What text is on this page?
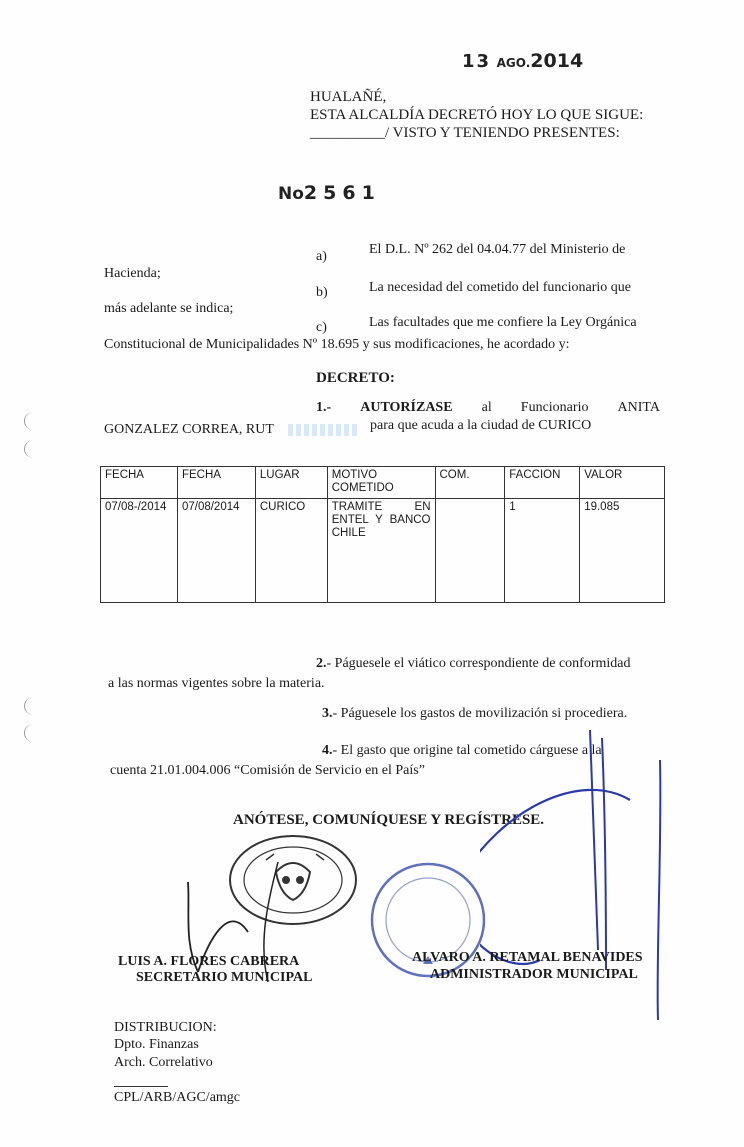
13 AGO.2014
HUALAÑÉ,
ESTA ALCALDÍA DECRETÓ HOY LO QUE SIGUE:
__________/ VISTO Y TENIENDO PRESENTES:
No2561
a)	El D.L. Nº 262 del 04.04.77 del Ministerio de
Hacienda;
b)	La necesidad del cometido del funcionario que
más adelante se indica;
c)	Las facultades que me confiere la Ley Orgánica
Constitucional de Municipalidades Nº 18.695 y sus modificaciones, he acordado y:
DECRETO:
1.- AUTORÍZASE al Funcionario ANITA
GONZALEZ CORREA, RUT	para que acuda a la ciudad de CURICO
FECHA	FECHA	LUGAR	MOTIVO COMETIDO	COM.	FACCION	VALOR
07/08-/2014	07/08/2014	CURICO	TRAMITE EN ENTEL Y BANCO CHILE		1	19.085
2.- Páguesele el viático correspondiente de conformidad
a las normas vigentes sobre la materia.
3.- Páguesele los gastos de movilización si procediera.
4.- El gasto que origine tal cometido cárguese a la
cuenta 21.01.004.006 “Comisión de Servicio en el País”
ANÓTESE, COMUNÍQUESE Y REGÍSTRESE.
LUIS A. FLORES CABRERA
SECRETARIO MUNICIPAL
ALVARO A. RETAMAL BENAVIDES
ADMINISTRADOR MUNICIPAL
DISTRIBUCION:
Dpto. Finanzas
Arch. Correlativo
CPL/ARB/AGC/amgc
